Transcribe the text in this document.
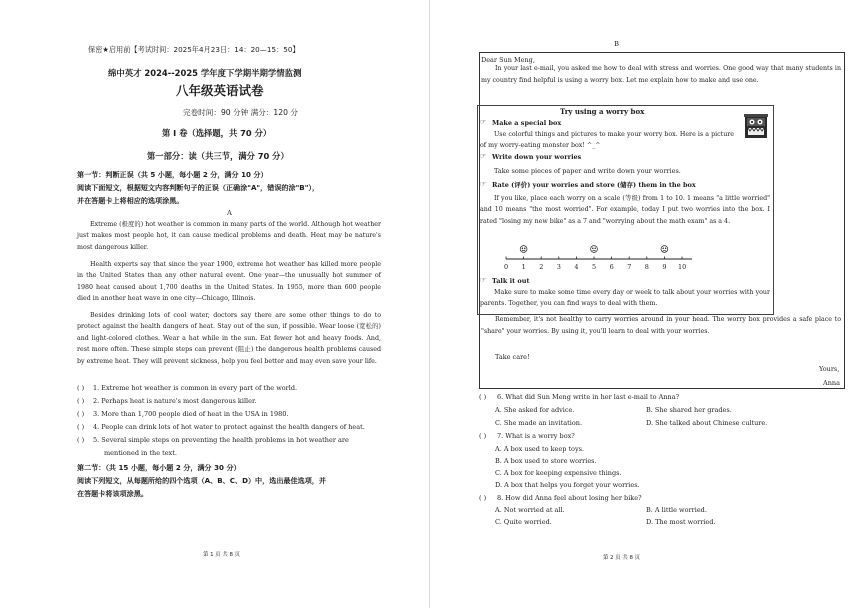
保密★启用前【考试时间：2025年4月23日：14：20—15：50】
绵中英才 2024--2025 学年度下学期半期学情监测
八年级英语试卷
完卷时间：90 分钟 满分：120 分
第 I 卷（选择题，共 70 分）
第一部分：读（共三节，满分 70 分）
第一节：判断正误（共 5 小题，每小题 2 分，满分 10 分）
阅读下面短文，根据短文内容判断句子的正误（正确涂"A"，错误的涂"B"），
并在答题卡上将相应的选项涂黑。
A

Extreme (极度的) hot weather is common in many parts of the world. Although hot weather just makes most people hot, it can cause medical problems and death. Heat may be nature's most dangerous killer.

Health experts say that since the year 1900, extreme hot weather has killed more people in the United States than any other natural event. One year—the unusually hot summer of 1980 heat caused about 1,700 deaths in the United States. In 1955, more than 600 people died in another heat wave in one city—Chicago, Illinois.

Besides drinking lots of cool water, doctors say there are some other things to do to protect against the health dangers of heat. Stay out of the sun, if possible. Wear loose (宽松的) and light-colored clothes. Wear a hat while in the sun. Eat fewer hot and heavy foods. And, rest more often. These simple steps can prevent (阻止) the dangerous health problems caused by extreme heat. They will prevent sickness, help you feel better and may even save your life.

( ) 1. Extreme hot weather is common in every part of the world.
( ) 2. Perhaps heat is nature's most dangerous killer.
( ) 3. More than 1,700 people died of heat in the USA in 1980.
( ) 4. People can drink lots of hot water to protect against the health dangers of heat.
( ) 5. Several simple steps on preventing the health problems in hot weather are
mentioned in the text.
第二节：（共 15 小题，每小题 2 分，满分 30 分）
阅读下列短文，从每题所给的四个选项（A、B、C、D）中，选出最佳选项，并
在答题卡将该项涂黑。
第 1 页 共 8 页
B
Dear Sun Meng,

In your last e-mail, you asked me how to deal with stress and worries. One good way that many students in my country find helpful is using a worry box. Let me explain how to make and use one.

Try using a worry box
☞ Make a special box

Use colorful things and pictures to make your worry box. Here is a picture of my worry-eating monster box! ^_^

☞ Write down your worries
Take some pieces of paper and write down your worries.
☞ Rate (评价) your worries and store (储存) them in the box

If you like, place each worry on a scale (等级) from 1 to 10. 1 means "a little worried" and 10 means "the most worried". For example, today I put two worries into the box. I rated "losing my new bike" as a 7 and "worrying about the math exam" as a 4.

0 1 2 3 4 5 6 7 8 9 10
☞ Talk it out

Make sure to make some time every day or week to talk about your worries with your parents. Together, you can find ways to deal with them.

Remember, it's not healthy to carry worries around in your head. The worry box provides a safe place to "share" your worries. By using it, you'll learn to deal with your worries.

Take care!
Yours,
Anna
( ) 6. What did Sun Meng write in her last e-mail to Anna?
A. She asked for advice.	B. She shared her grades.
C. She made an invitation.	D. She talked about Chinese culture.
( ) 7. What is a worry box?
A. A box used to keep toys.
B. A box used to store worries.
C. A box for keeping expensive things.
D. A box that helps you forget your worries.
( ) 8. How did Anna feel about losing her bike?
A. Not worried at all.	B. A little worried.
C. Quite worried.	D. The most worried.
第 2 页 共 8 页
